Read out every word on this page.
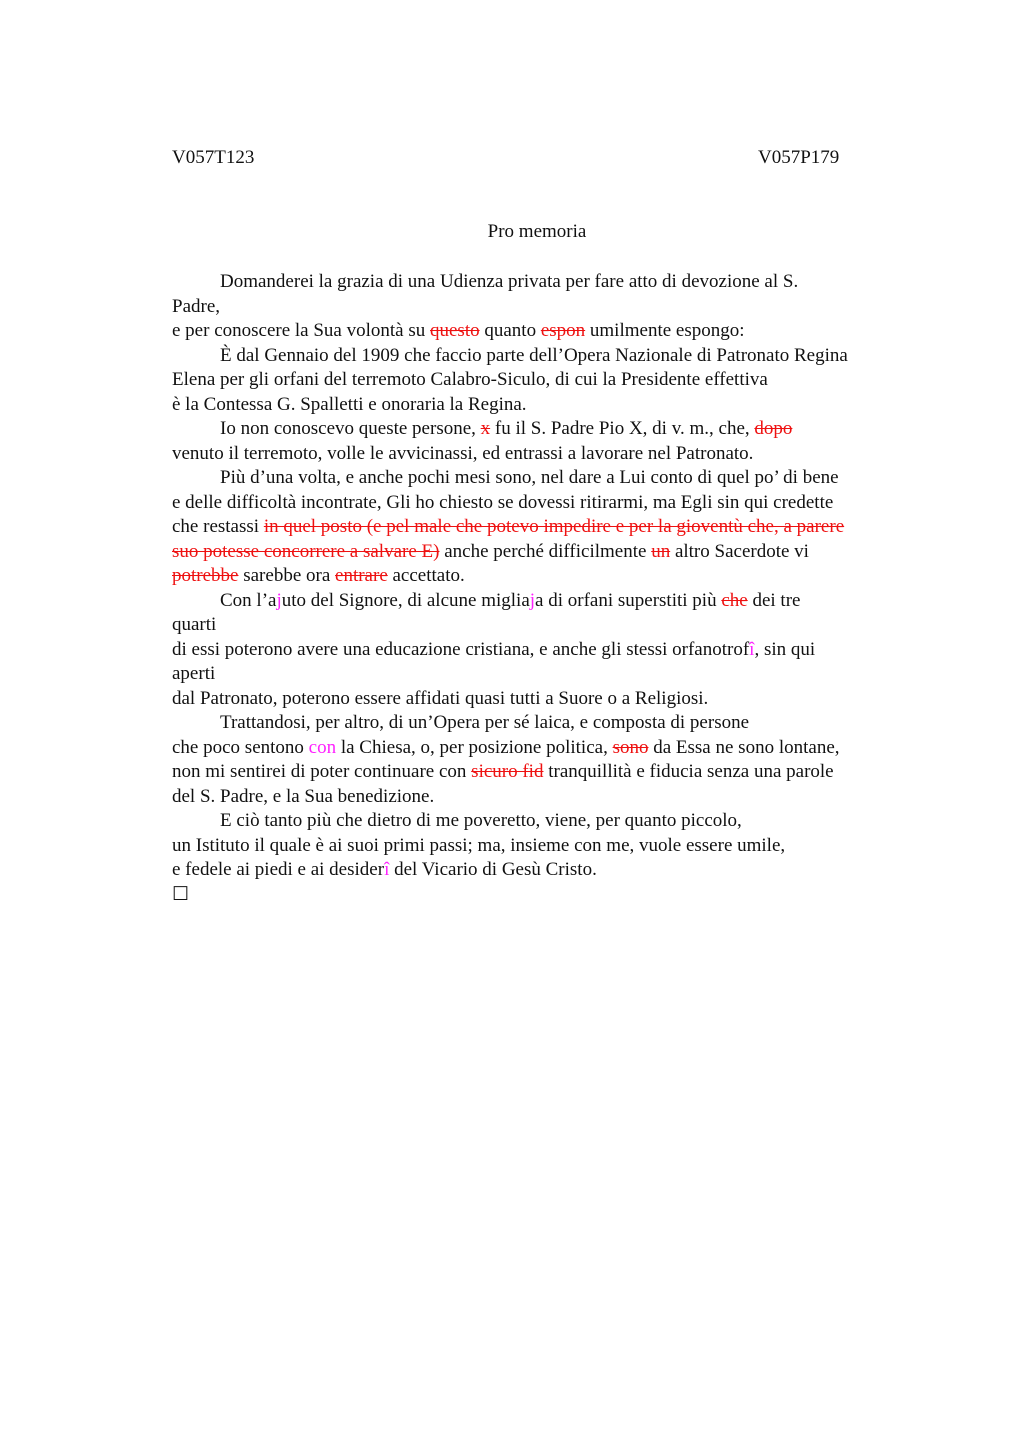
V057T123	V057P179
Pro memoria
Domanderei la grazia di una Udienza privata per fare atto di devozione al S.
Padre,
e per conoscere la Sua volontà su questo quanto espon umilmente espongo:
È dal Gennaio del 1909 che faccio parte dell’Opera Nazionale di Patronato Regina
Elena per gli orfani del terremoto Calabro-Siculo, di cui la Presidente effettiva
è la Contessa G. Spalletti e onoraria la Regina.
Io non conoscevo queste persone, x fu il S. Padre Pio X, di v. m., che, dopo
venuto il terremoto, volle le avvicinassi, ed entrassi a lavorare nel Patronato.
Più d’una volta, e anche pochi mesi sono, nel dare a Lui conto di quel po’ di bene
e delle difficoltà incontrate, Gli ho chiesto se dovessi ritirarmi, ma Egli sin qui credette
che restassi in quel posto (e pel male che potevo impedire e per la gioventù che, a parere
suo potesse concorrere a salvare E) anche perché difficilmente un altro Sacerdote vi
potrebbe sarebbe ora entrare accettato.
Con l’ajuto del Signore, di alcune migliaja di orfani superstiti più che dei tre
quarti
di essi poterono avere una educazione cristiana, e anche gli stessi orfanotrofî, sin qui
aperti
dal Patronato, poterono essere affidati quasi tutti a Suore o a Religiosi.
Trattandosi, per altro, di un’Opera per sé laica, e composta di persone
che poco sentono con la Chiesa, o, per posizione politica, sono da Essa ne sono lontane,
non mi sentirei di poter continuare con sicuro fid tranquillità e fiducia senza una parole
del S. Padre, e la Sua benedizione.
E ciò tanto più che dietro di me poveretto, viene, per quanto piccolo,
un Istituto il quale è ai suoi primi passi; ma, insieme con me, vuole essere umile,
e fedele ai piedi e ai desiderî del Vicario di Gesù Cristo.
☐
